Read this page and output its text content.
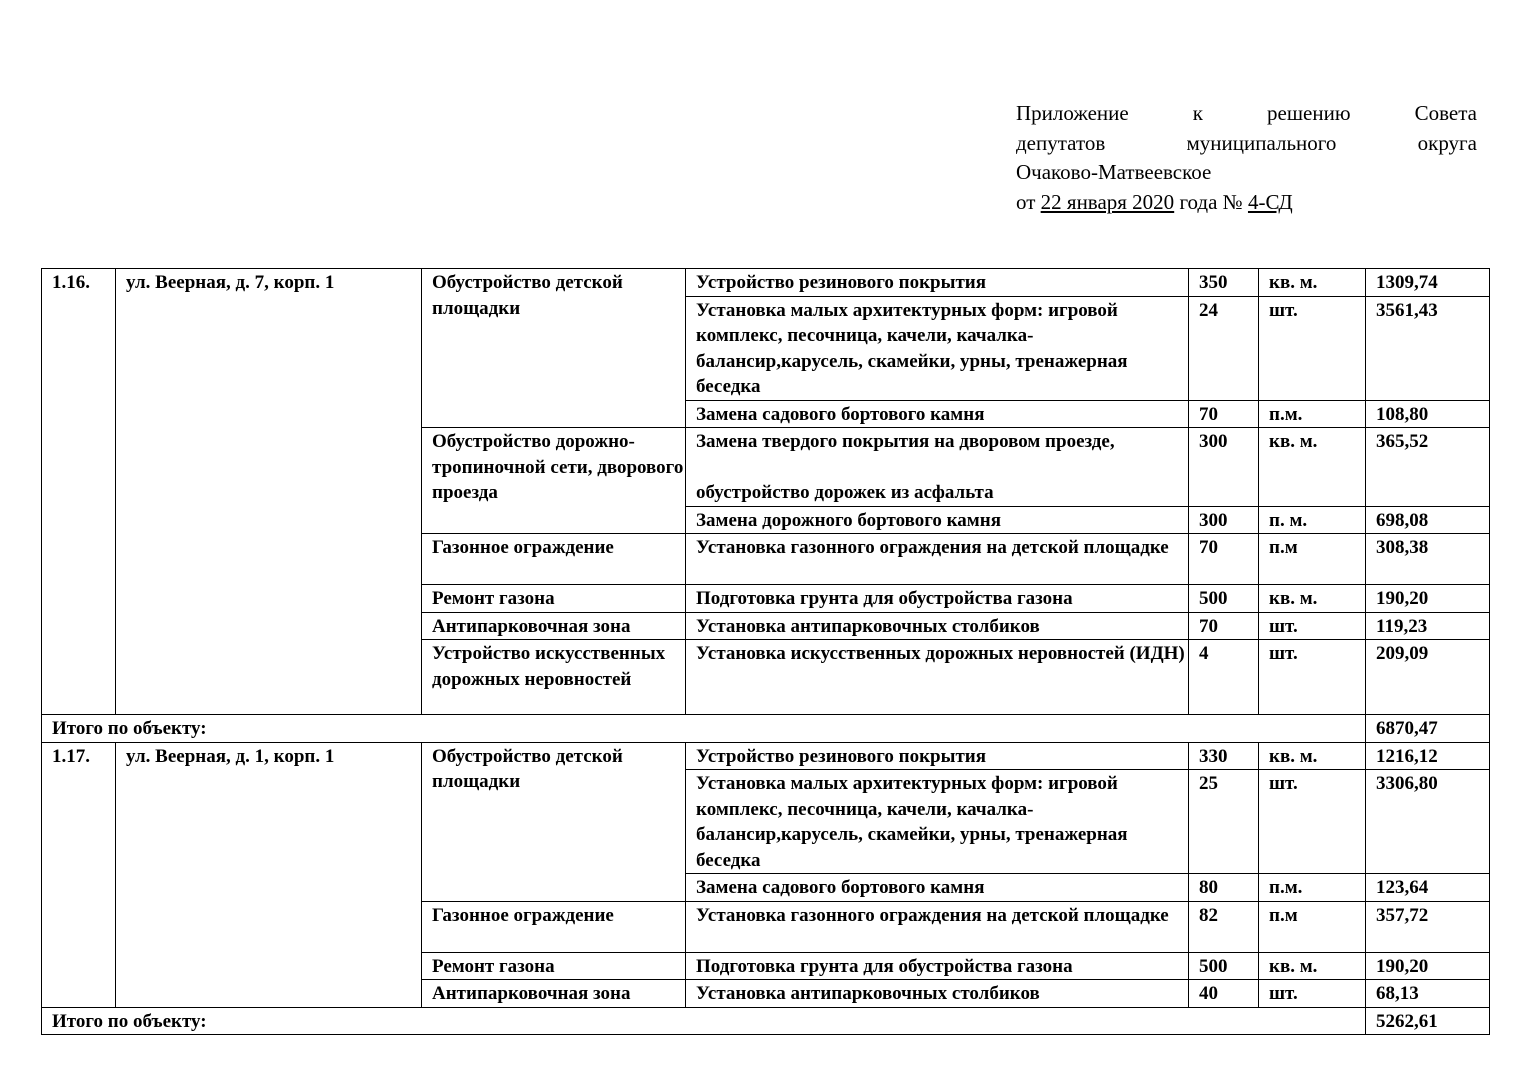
Приложение	к	решению	Совета
депутатов	муниципального	округа
Очаково-Матвеевское
от
22 января 2020
года №
4-СД
1.16.	ул. Веерная, д. 7, корп. 1	Обустройство детской площадки	Устройство резинового покрытия	350	кв. м.	1309,74
			Установка малых архитектурных форм: игровой комплекс, песочница, качели, качалка-балансир,карусель, скамейки, урны, тренажерная беседка	24	шт.	3561,43
			Замена садового бортового камня	70	п.м.	108,80
		Обустройство дорожно-тропиночной сети, дворового проезда	Замена твердого покрытия на дворовом проезде,
обустройство дорожек из асфальта	300	кв. м.	365,52
			Замена дорожного бортового камня	300	п. м.	698,08
		Газонное ограждение	Установка газонного ограждения на детской площадке	70	п.м	308,38
		Ремонт газона	Подготовка грунта для обустройства газона	500	кв. м.	190,20
		Антипарковочная зона	Установка антипарковочных столбиков	70	шт.	119,23
		Устройство искусственных дорожных неровностей	Установка искусственных дорожных неровностей (ИДН)	4	шт.	209,09
Итого по объекту:						6870,47
1.17.	ул. Веерная, д. 1, корп. 1	Обустройство детской площадки	Устройство резинового покрытия	330	кв. м.	1216,12
			Установка малых архитектурных форм: игровой комплекс, песочница, качели, качалка-балансир,карусель, скамейки, урны, тренажерная беседка	25	шт.	3306,80
			Замена садового бортового камня	80	п.м.	123,64
		Газонное ограждение	Установка газонного ограждения на детской площадке	82	п.м	357,72
		Ремонт газона	Подготовка грунта для обустройства газона	500	кв. м.	190,20
		Антипарковочная зона	Установка антипарковочных столбиков	40	шт.	68,13
Итого по объекту:						5262,61
